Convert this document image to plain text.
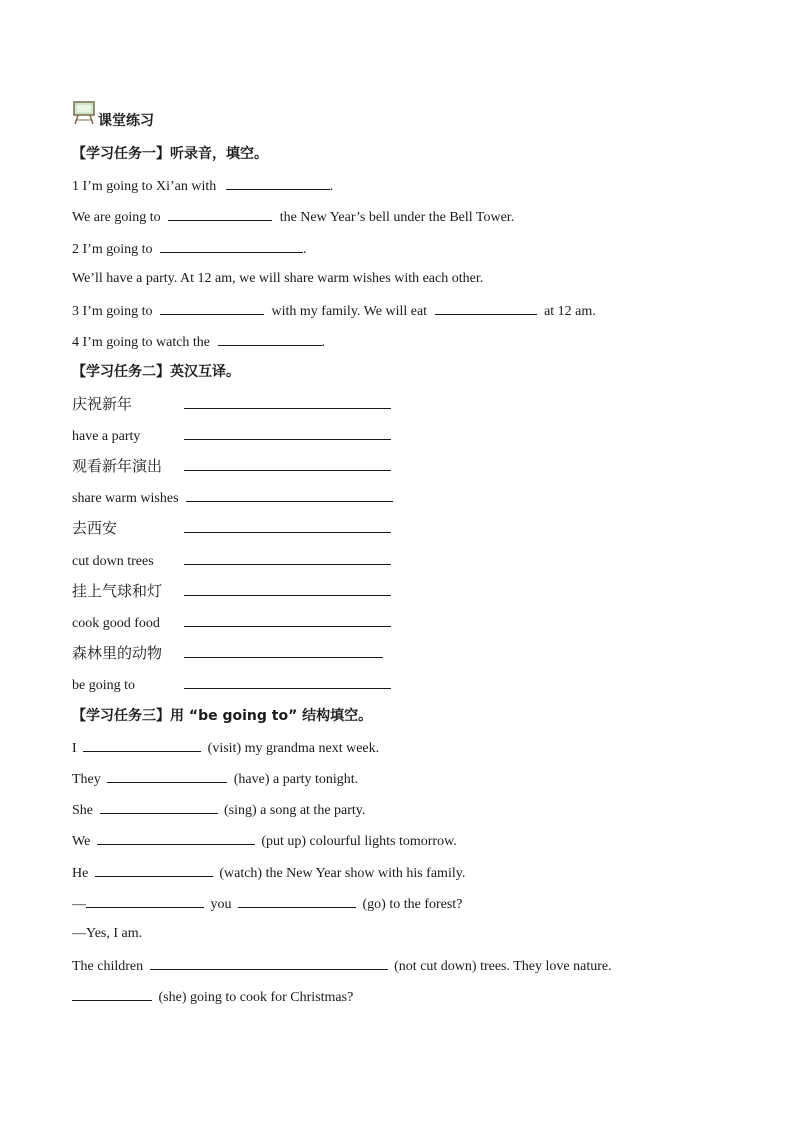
课堂练习
【学习任务一】听录音，填空。
1 I’m going to Xi’an with	.
We are going to	the New Year’s bell under the Bell Tower.
2 I’m going to	.
We’ll have a party. At 12 am, we will share warm wishes with each other.
3 I’m going to	with my family. We will eat	at 12 am.
4 I’m going to watch the	.
【学习任务二】英汉互译。
庆祝新年
have a party
观看新年演出
share warm wishes
去西安
cut down trees
挂上气球和灯
cook good food
森林里的动物
be going to
【学习任务三】用 “be going to” 结构填空。
I	(visit) my grandma next week.
They	(have) a party tonight.
She	(sing) a song at the party.
We	(put up) colourful lights tomorrow.
He	(watch) the New Year show with his family.
—	you	(go) to the forest?
—Yes, I am.
The children	(not cut down) trees. They love nature.
(she) going to cook for Christmas?
